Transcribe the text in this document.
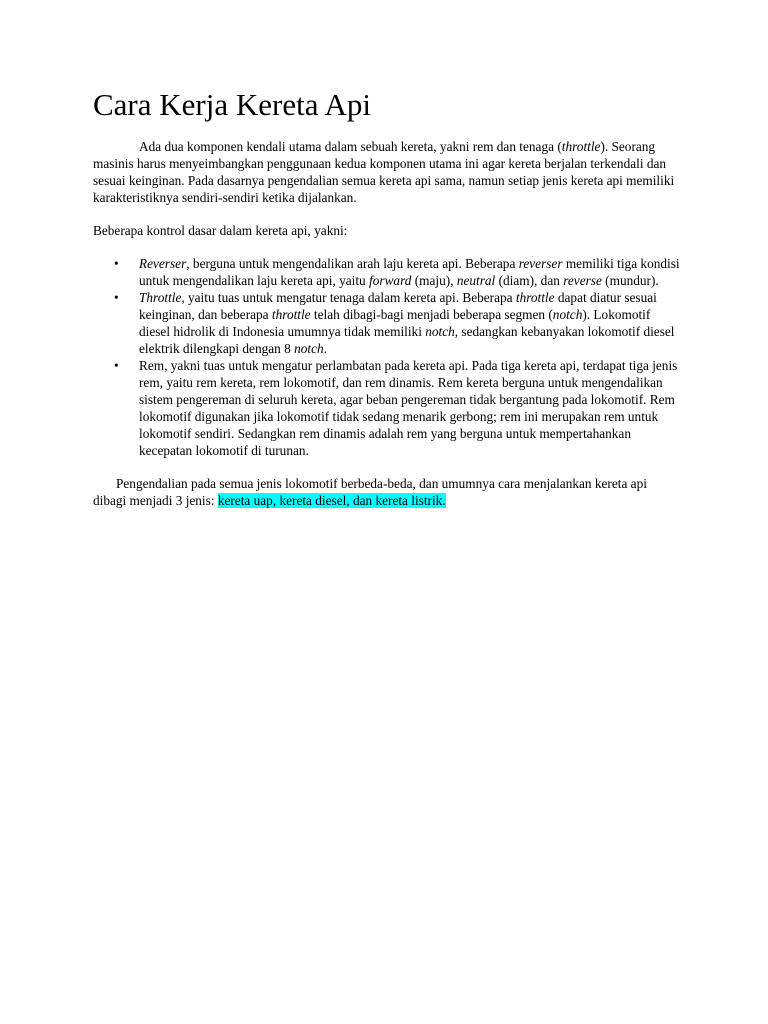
Cara Kerja Kereta Api

Ada dua komponen kendali utama dalam sebuah kereta, yakni rem dan tenaga (throttle). Seorang masinis harus menyeimbangkan penggunaan kedua komponen utama ini agar kereta berjalan terkendali dan sesuai keinginan. Pada dasarnya pengendalian semua kereta api sama, namun setiap jenis kereta api memiliki karakteristiknya sendiri-sendiri ketika dijalankan.

Beberapa kontrol dasar dalam kereta api, yakni:

• Reverser, berguna untuk mengendalikan arah laju kereta api. Beberapa reverser memiliki tiga kondisi untuk mengendalikan laju kereta api, yaitu forward (maju), neutral (diam), dan reverse (mundur).
• Throttle, yaitu tuas untuk mengatur tenaga dalam kereta api. Beberapa throttle dapat diatur sesuai keinginan, dan beberapa throttle telah dibagi-bagi menjadi beberapa segmen (notch). Lokomotif diesel hidrolik di Indonesia umumnya tidak memiliki notch, sedangkan kebanyakan lokomotif diesel elektrik dilengkapi dengan 8 notch.
• Rem, yakni tuas untuk mengatur perlambatan pada kereta api. Pada tiga kereta api, terdapat tiga jenis rem, yaitu rem kereta, rem lokomotif, dan rem dinamis. Rem kereta berguna untuk mengendalikan sistem pengereman di seluruh kereta, agar beban pengereman tidak bergantung pada lokomotif. Rem lokomotif digunakan jika lokomotif tidak sedang menarik gerbong; rem ini merupakan rem untuk lokomotif sendiri. Sedangkan rem dinamis adalah rem yang berguna untuk mempertahankan kecepatan lokomotif di turunan.

Pengendalian pada semua jenis lokomotif berbeda-beda, dan umumnya cara menjalankan kereta api dibagi menjadi 3 jenis: kereta uap, kereta diesel, dan kereta listrik.
